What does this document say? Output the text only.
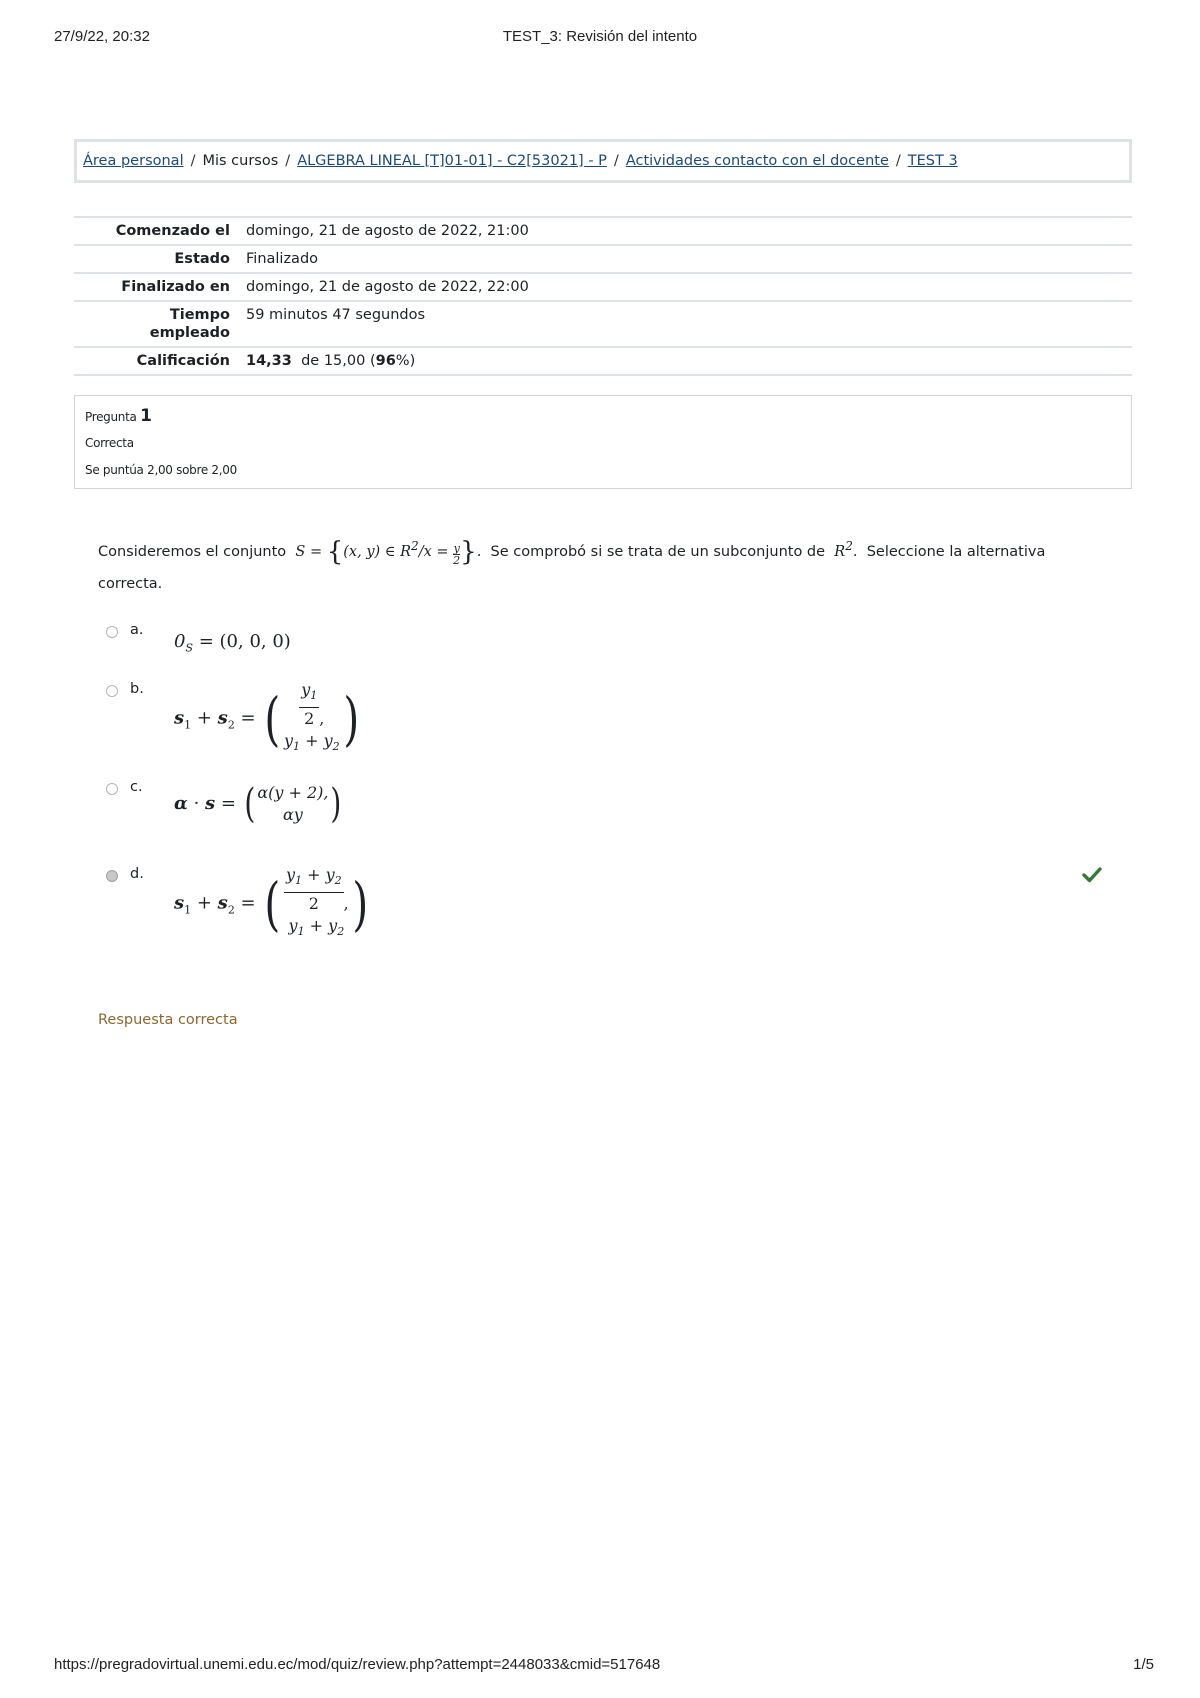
27/9/22, 20:32	TEST_3: Revisión del intento
Área personal / Mis cursos / ALGEBRA LINEAL [T]01-01] - C2[53021] - P / Actividades contacto con el docente / TEST 3
Comenzado el	domingo, 21 de agosto de 2022, 21:00
Estado	Finalizado
Finalizado en	domingo, 21 de agosto de 2022, 22:00
Tiempo
empleado	59 minutos 47 segundos
Calificación	14,33 de 15,00 (96%)
Pregunta 1
Correcta
Se puntúa 2,00 sobre 2,00
Consideremos el conjunto  S = {(x, y) ∈ $R^2/x = \frac{y}{2}$ }. Se comprobó si se trata de un subconjunto de  $R^2$. Seleccione la alternativa correcta.
a.
$0_S = (0$, 0, 0)
b.
$s_1 + s_2$ = ( $\frac{y_1}{2}$ ,
$y_1 + y_2$)
c.
α · s = ( α(y + 2),
αy )
d.
$s_1 + s_2$ = ( $\frac{y_1 + y_2}{2}$ ,
$y_1 + y_2$ )
Respuesta correcta
https://pregradovirtual.unemi.edu.ec/mod/quiz/review.php?attempt=2448033&cmid=517648	1/5
